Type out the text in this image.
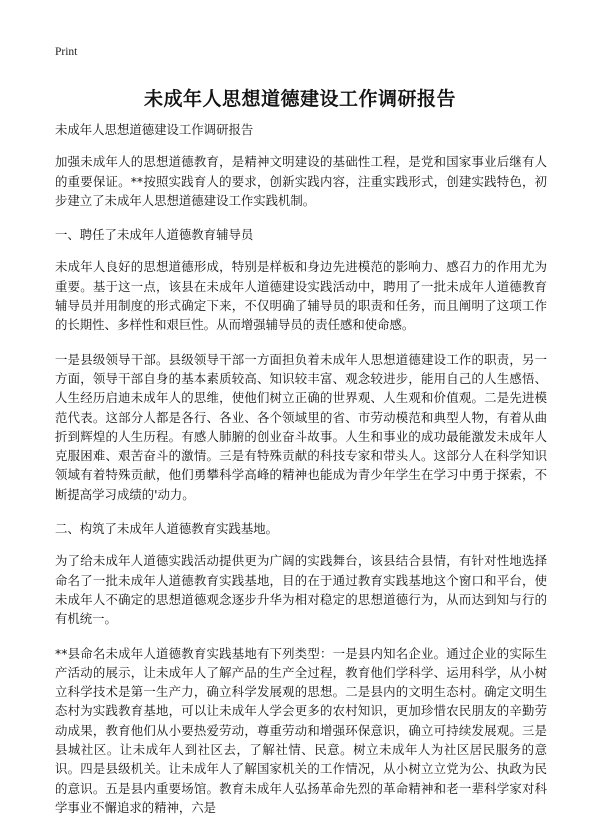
Print
未成年人思想道德建设工作调研报告

未成年人思想道德建设工作调研报告

加强未成年人的思想道德教育，是精神文明建设的基础性工程，是党和国家事业后继有人的重要保证。**按照实践育人的要求，创新实践内容，注重实践形式，创建实践特色，初步建立了未成年人思想道德建设工作实践机制。

一、聘任了未成年人道德教育辅导员

未成年人良好的思想道德形成，特别是样板和身边先进模范的影响力、感召力的作用尤为重要。基于这一点，该县在未成年人道德建设实践活动中，聘用了一批未成年人道德教育辅导员并用制度的形式确定下来，不仅明确了辅导员的职责和任务，而且阐明了这项工作的长期性、多样性和艰巨性。从而增强辅导员的责任感和使命感。

一是县级领导干部。县级领导干部一方面担负着未成年人思想道德建设工作的职责，另一方面，领导干部自身的基本素质较高、知识较丰富、观念较进步，能用自己的人生感悟、人生经历启迪未成年人的思维，使他们树立正确的世界观、人生观和价值观。二是先进模范代表。这部分人都是各行、各业、各个领域里的省、市劳动模范和典型人物，有着从曲折到辉煌的人生历程。有感人肺腑的创业奋斗故事。人生和事业的成功最能激发未成年人克服困难、艰苦奋斗的激情。三是有特殊贡献的科技专家和带头人。这部分人在科学知识领域有着特殊贡献，他们勇攀科学高峰的精神也能成为青少年学生在学习中勇于探索，不断提高学习成绩的'动力。

二、构筑了未成年人道德教育实践基地。

为了给未成年人道德实践活动提供更为广阔的实践舞台，该县结合县情，有针对性地选择命名了一批未成年人道德教育实践基地，目的在于通过教育实践基地这个窗口和平台，使未成年人不确定的思想道德观念逐步升华为相对稳定的思想道德行为，从而达到知与行的有机统一。

**县命名未成年人道德教育实践基地有下列类型：一是县内知名企业。通过企业的实际生产活动的展示，让未成年人了解产品的生产全过程，教育他们学科学、运用科学，从小树立科学技术是第一生产力，确立科学发展观的思想。二是县内的文明生态村。确定文明生态村为实践教育基地，可以让未成年人学会更多的农村知识，更加珍惜农民朋友的辛勤劳动成果，教育他们从小要热爱劳动，尊重劳动和增强环保意识，确立可持续发展观。三是县城社区。让未成年人到社区去，了解社情、民意。树立未成年人为社区居民服务的意识。四是县级机关。让未成年人了解国家机关的工作情况，从小树立立党为公、执政为民的意识。五是县内重要场馆。教育未成年人弘扬革命先烈的革命精神和老一辈科学家对科学事业不懈追求的精神，六是
